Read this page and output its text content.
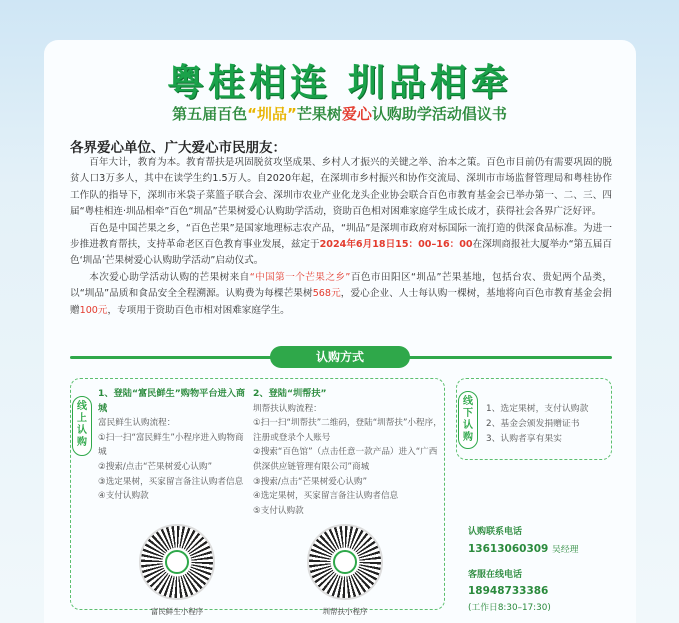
粤桂相连 圳品相牵
第五届百色“圳品”芒果树爱心认购助学活动倡议书
各界爱心单位、广大爱心市民朋友：

百年大计，教育为本。教育帮扶是巩固脱贫攻坚成果、乡村人才振兴的关键之举、治本之策。百色市目前仍有需要巩固的脱贫人口3万多人，其中在读学生约1.5万人。自2020年起，在深圳市乡村振兴和协作交流局、深圳市市场监督管理局和粤桂协作工作队的指导下，深圳市米袋子菜篮子联合会、深圳市农业产业化龙头企业协会联合百色市教育基金会已举办第一、二、三、四届“粤桂相连·圳品相牵”百色“圳品”芒果树爱心认购助学活动，资助百色相对困难家庭学生成长成才，获得社会各界广泛好评。

百色是中国芒果之乡，“百色芒果”是国家地理标志农产品，“圳品”是深圳市政府对标国际一流打造的供深食品标准。为进一步推进教育帮扶，支持革命老区百色教育事业发展，兹定于2024年6月18日15：00–16：00在深圳商报社大厦举办“第五届百色‘圳品’芒果树爱心认购助学活动”启动仪式。

本次爱心助学活动认购的芒果树来自“中国第一个芒果之乡”百色市田阳区“圳品”芒果基地，包括台农、贵妃两个品类，以“圳品”品质和食品安全全程溯源。认购费为每棵芒果树568元，爱心企业、人士每认购一棵树，基地将向百色市教育基金会捐赠100元，专项用于资助百色市相对困难家庭学生。

认购方式
线上认购
1、登陆“富民鲜生”购物平台进入商城
富民鲜生认购流程：
①扫一扫“富民鲜生”小程序进入购物商城
②搜索/点击“芒果树爱心认购”
③选定果树，买家留言备注认购者信息
④支付认购款
2、登陆“圳帮扶”
圳帮扶认购流程：
①扫一扫“圳帮扶”二维码，登陆“圳帮扶”小程序，注册或登录个人账号
②搜索“百色馆”（点击任意一款产品）进入“广西供深供应链管理有限公司”商城
③搜索/点击“芒果树爱心认购”
④选定果树，买家留言备注认购者信息
⑤支付认购款
富民鲜生小程序	圳帮扶小程序
线下认购
1、选定果树，支付认购款
2、基金会颁发捐赠证书
3、认购者享有果实
认购联系电话
13613060309 吴经理
客服在线电话
18948733386
(工作日8:30–17:30)
